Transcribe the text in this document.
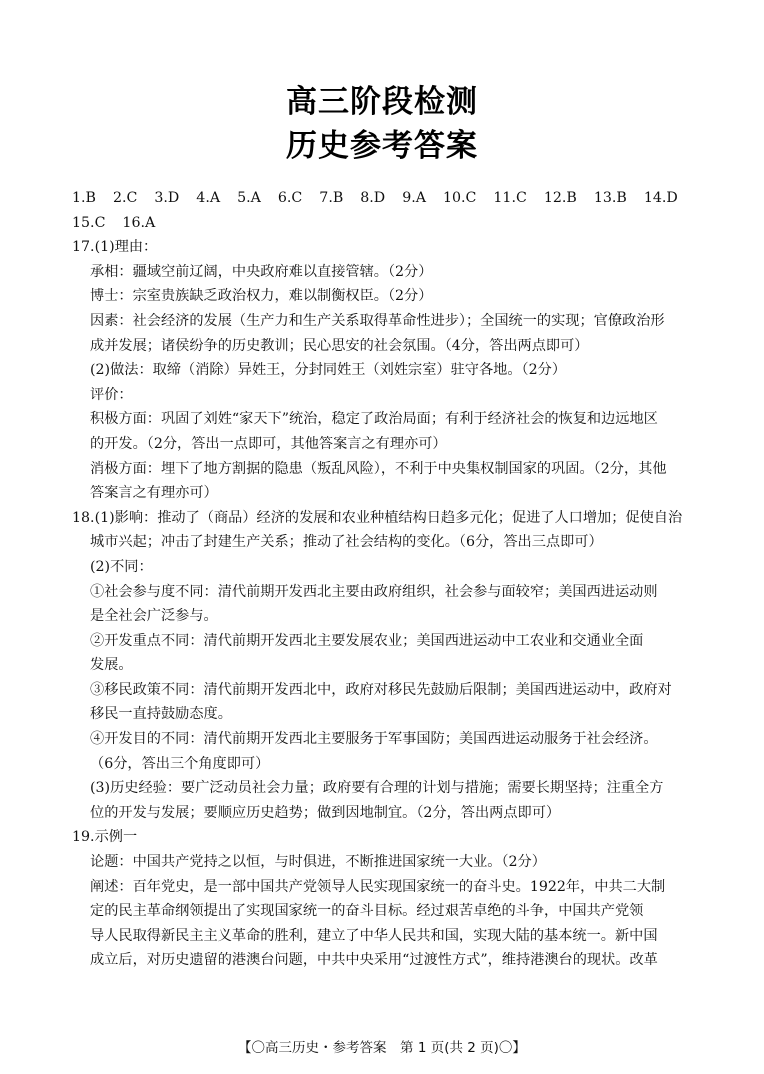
高三阶段检测
历史参考答案
1.B 2.C 3.D 4.A 5.A 6.C 7.B 8.D 9.A 10.C 11.C 12.B 13.B 14.D
15.C 16.A
17.(1)理由：
承相：疆域空前辽阔，中央政府难以直接管辖。（2分）
博士：宗室贵族缺乏政治权力，难以制衡权臣。（2分）
因素：社会经济的发展（生产力和生产关系取得革命性进步）；全国统一的实现；官僚政治形
成并发展；诸侯纷争的历史教训；民心思安的社会氛围。（4分，答出两点即可）
(2)做法：取缔（消除）异姓王，分封同姓王（刘姓宗室）驻守各地。（2分）
评价：
积极方面：巩固了刘姓“家天下”统治，稳定了政治局面；有利于经济社会的恢复和边远地区
的开发。（2分，答出一点即可，其他答案言之有理亦可）
消极方面：埋下了地方割据的隐患（叛乱风险），不利于中央集权制国家的巩固。（2分，其他
答案言之有理亦可）
18.(1)影响：推动了（商品）经济的发展和农业种植结构日趋多元化；促进了人口增加；促使自治
城市兴起；冲击了封建生产关系；推动了社会结构的变化。（6分，答出三点即可）
(2)不同：
①社会参与度不同：清代前期开发西北主要由政府组织，社会参与面较窄；美国西进运动则
是全社会广泛参与。
②开发重点不同：清代前期开发西北主要发展农业；美国西进运动中工农业和交通业全面
发展。
③移民政策不同：清代前期开发西北中，政府对移民先鼓励后限制；美国西进运动中，政府对
移民一直持鼓励态度。
④开发目的不同：清代前期开发西北主要服务于军事国防；美国西进运动服务于社会经济。
（6分，答出三个角度即可）
(3)历史经验：要广泛动员社会力量；政府要有合理的计划与措施；需要长期坚持；注重全方
位的开发与发展；要顺应历史趋势；做到因地制宜。（2分，答出两点即可）
19.示例一
论题：中国共产党持之以恒，与时俱进，不断推进国家统一大业。（2分）
阐述：百年党史，是一部中国共产党领导人民实现国家统一的奋斗史。1922年，中共二大制
定的民主革命纲领提出了实现国家统一的奋斗目标。经过艰苦卓绝的斗争，中国共产党领
导人民取得新民主主义革命的胜利，建立了中华人民共和国，实现大陆的基本统一。新中国
成立后，对历史遗留的港澳台问题，中共中央采用“过渡性方式”，维持港澳台的现状。改革
【〇高三历史・参考答案　第 1 页(共 2 页)〇】
